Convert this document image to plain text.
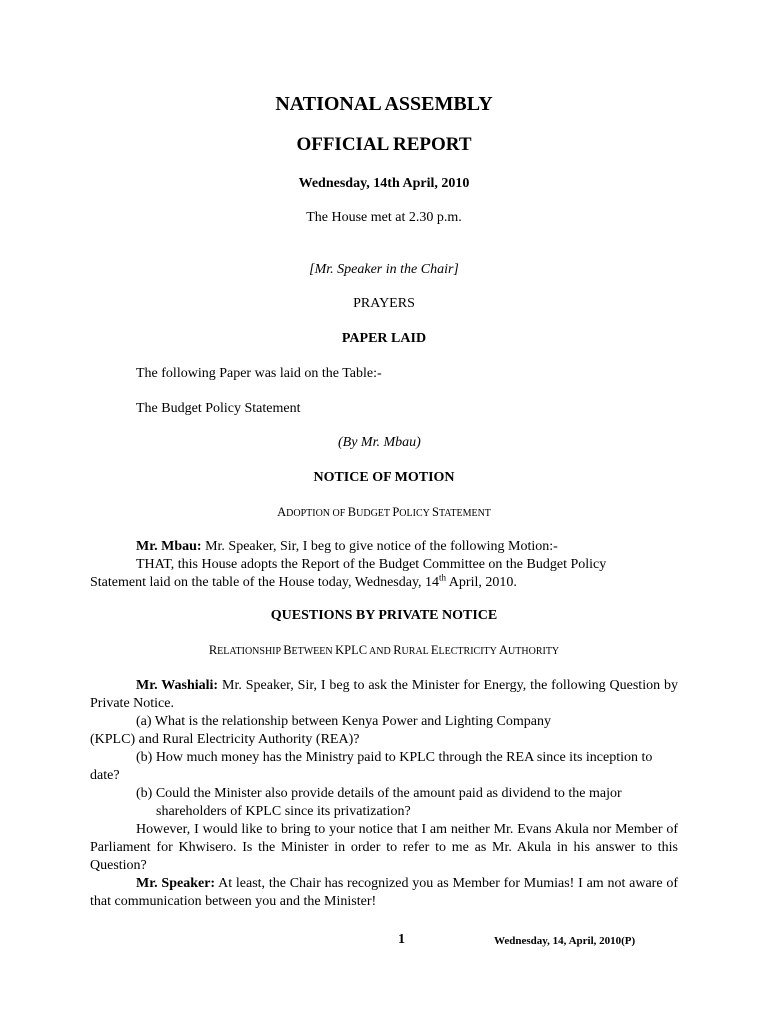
NATIONAL ASSEMBLY
OFFICIAL REPORT
Wednesday, 14th April, 2010
The House met at 2.30 p.m.
[Mr. Speaker in the Chair]
PRAYERS
PAPER LAID
The following Paper was laid on the Table:-
The Budget Policy Statement
(By Mr. Mbau)
NOTICE OF MOTION
ADOPTION OF BUDGET POLICY STATEMENT
Mr. Mbau: Mr. Speaker, Sir, I beg to give notice of the following Motion:-
THAT, this House adopts the Report of the Budget Committee on the Budget Policy
Statement laid on the table of the House today, Wednesday, 14th April, 2010.
QUESTIONS BY PRIVATE NOTICE
RELATIONSHIP BETWEEN KPLC AND RURAL ELECTRICITY AUTHORITY
Mr. Washiali: Mr. Speaker, Sir, I beg to ask the Minister for Energy, the following Question by Private Notice.
(a) What is the relationship between Kenya Power and Lighting Company
(KPLC) and Rural Electricity Authority (REA)?
(b) How much money has the Ministry paid to KPLC through the REA since its inception to date?
(b) Could the Minister also provide details of the amount paid as dividend to the major
shareholders of KPLC since its privatization?
However, I would like to bring to your notice that I am neither Mr. Evans Akula nor Member of Parliament for Khwisero. Is the Minister in order to refer to me as Mr. Akula in his answer to this Question?
Mr. Speaker: At least, the Chair has recognized you as Member for Mumias! I am not aware of that communication between you and the Minister!
1	Wednesday, 14, April, 2010(P)
